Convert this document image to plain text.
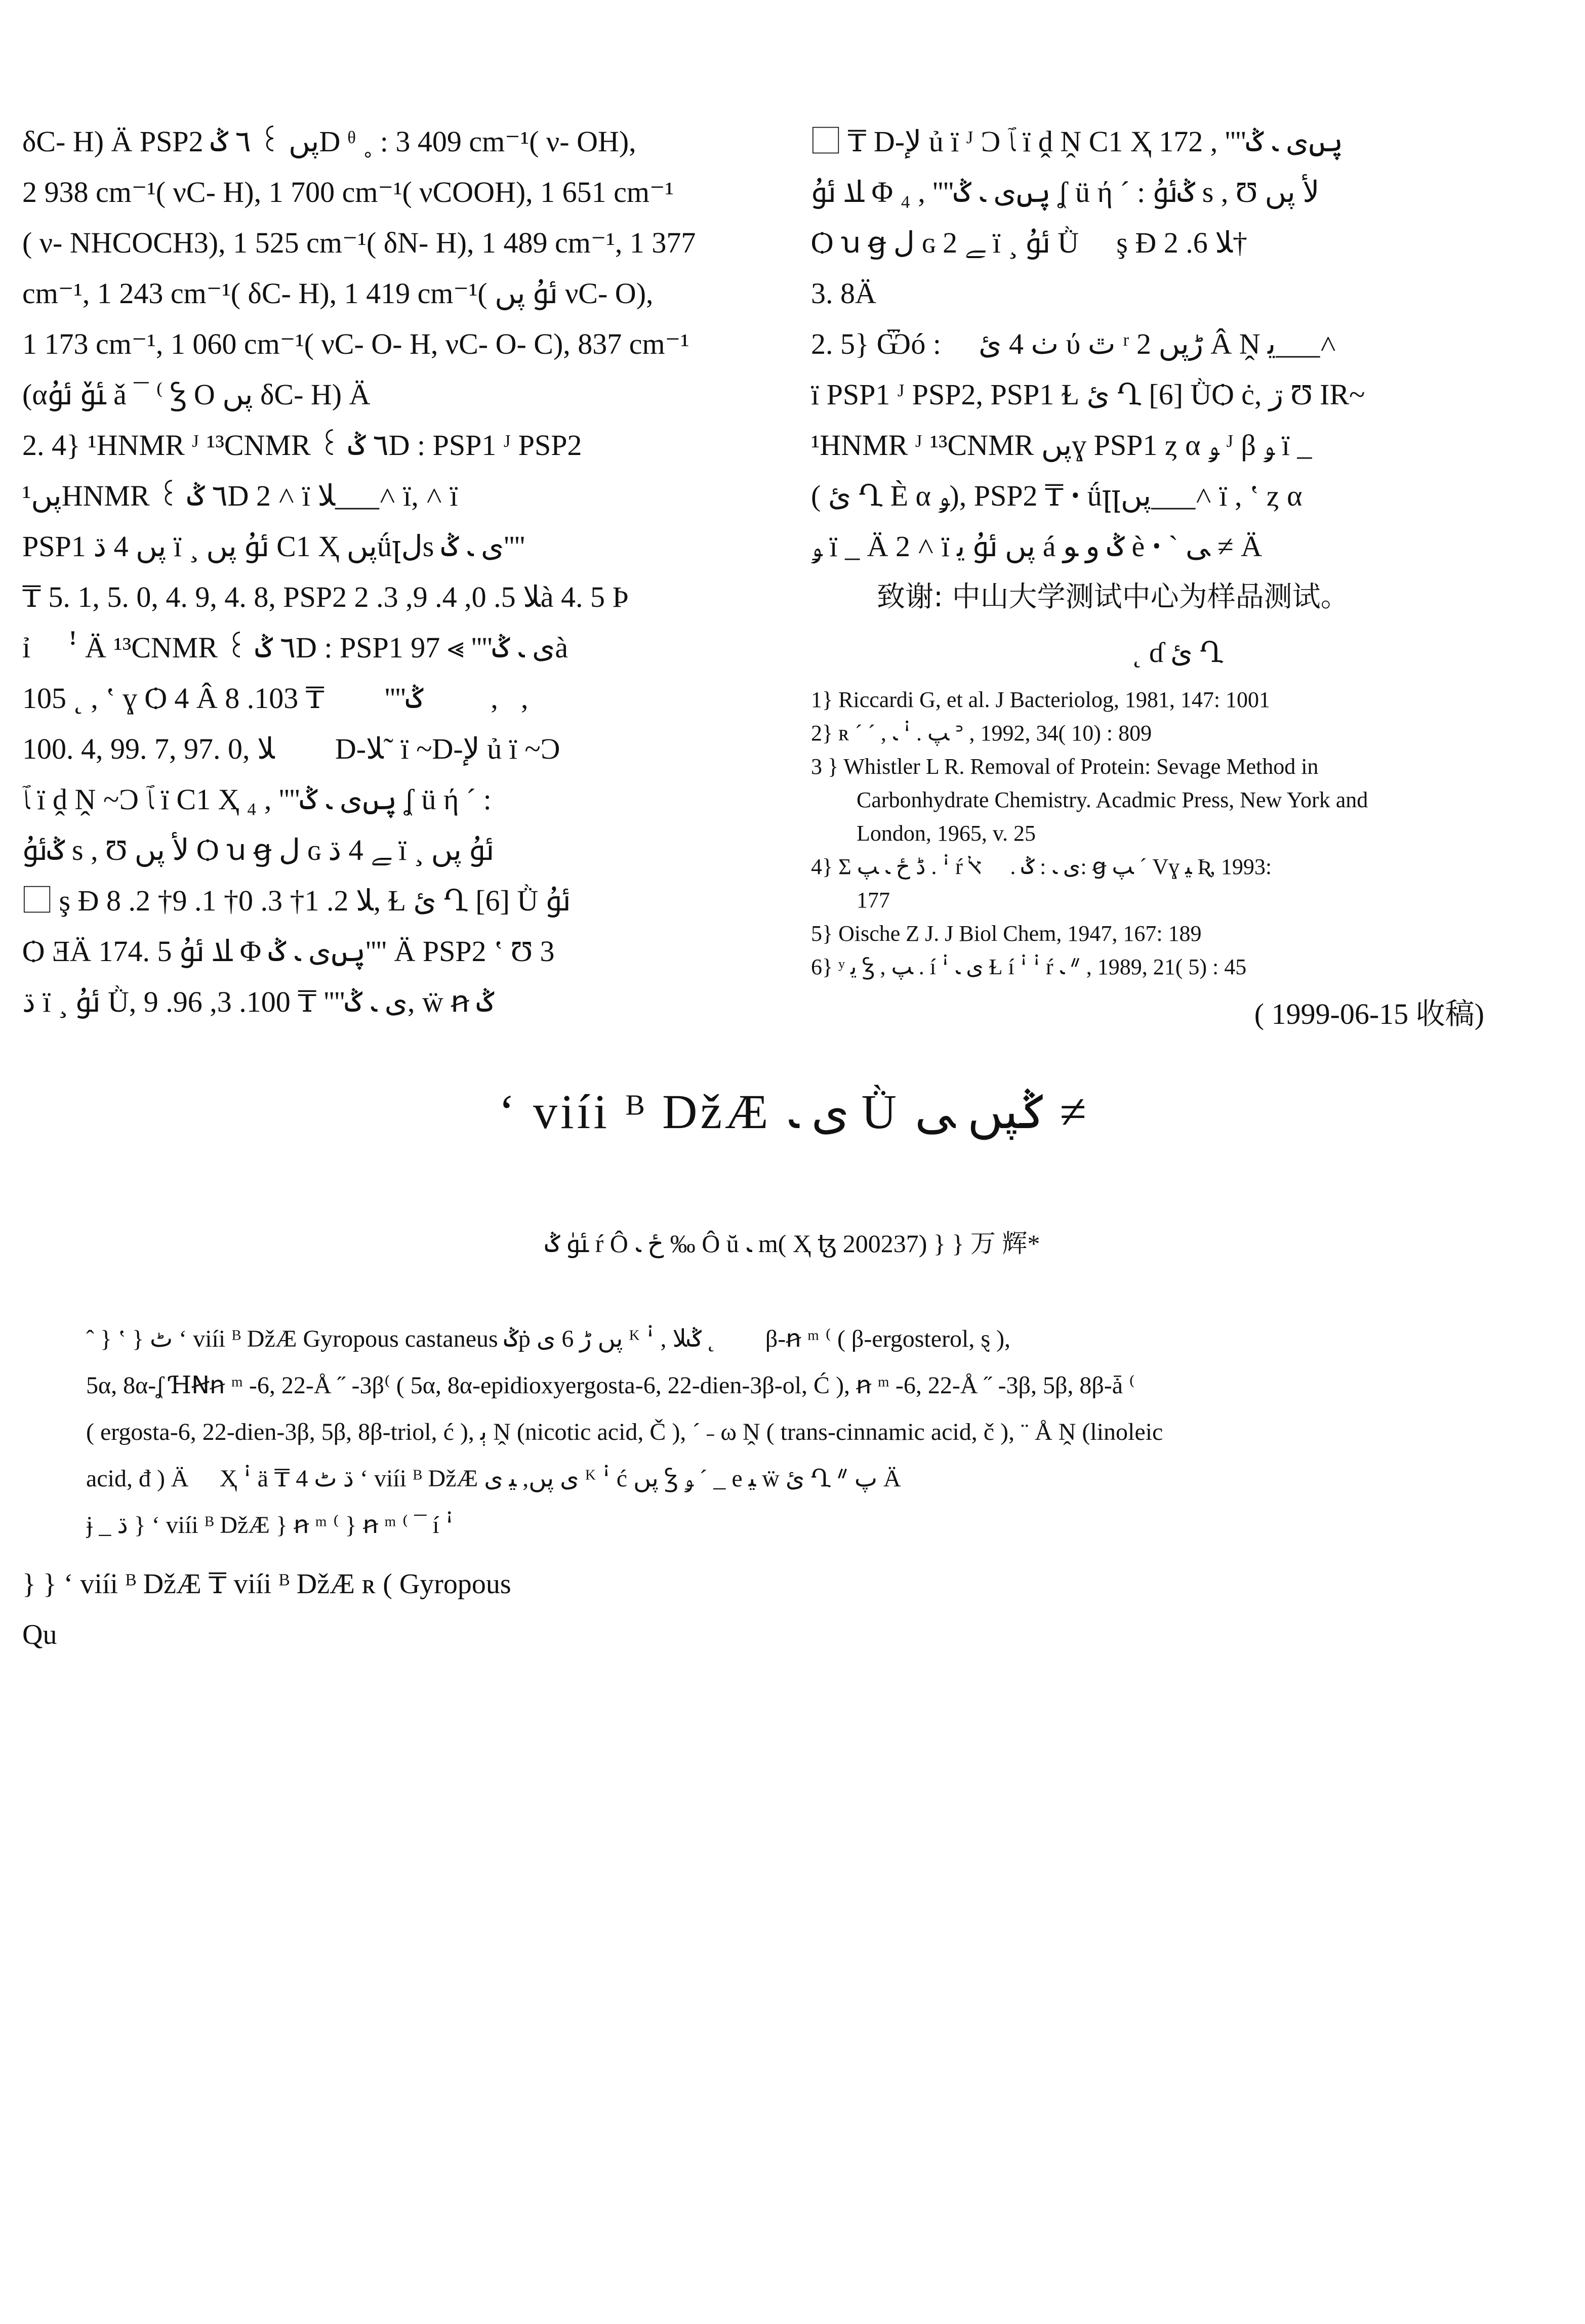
δC- H) Ä PSP2 پں ꒰ ٦ ݣD ᶿ ˳ : 3 409 cm⁻¹( ν- OH),
2 938 cm⁻¹( νC- H), 1 700 cm⁻¹( νCOOH), 1 651 cm⁻¹
( ν- NHCOCH3), 1 525 cm⁻¹( δN- H), 1 489 cm⁻¹, 1 377
cm⁻¹, 1 243 cm⁻¹( δC- H), 1 419 cm⁻¹( ﯰ پں νC- O),
1 173 cm⁻¹, 1 060 cm⁻¹( νC- O- H, νC- O- C), 837 cm⁻¹
(αﯳ ﯰ ǎ ¯ ⁽ Ꝣ O پں δC- H) Ä
2. 4} ¹HNMR ᴶ ¹³CNMR ꒰ ٦ ݣD : PSP1 ᴶ PSP2
پں¹HNMR ꒰ ٦ ݣD 2 ˄ ï ﻼ___˄ ï, ˄ ï
PSP1 پں 4 ڌ ï ¸ ﯰ پں C1 Ҳ پںǘꞁﻝs ﯼ ﹳ ݣ''''
₸ 5. 1, 5. 0, 4. 9, 4. 8, PSP2 ﻼ 5. 0, 4. 9, 3. 2à 4. 5 Þ
ỉ ⃞ ꜝ Ä ¹³CNMR ꒰ ٦ ݣD : PSP1 ﯼ ﹳ ݣ'''' ⪢ 97à
105 ˛ , ʽ ɣ Ѻ 4 Â ﻷ, ﯼ ﹳ ݣ'''' ݣ⃞ ₸ 103. 8,
100. 4, 99. 7, 97. 0, ݣ⃞ ﻼ D-ﻼ˜ ï ~D-ﻹ ủ ï ~Ɔ
ﭑ ï ḓ Ṋ ~Ɔ ﭑ ï C1 Ҳ پںﯼ ﹳ ݣ'''' , ₄ ʆ ü ή ˊ :
ݣﯰ s , Ʊ ﻷ پں Ѻ ꭒ ꞡ ﻝ ɢ ﮯ 4 ڌ ï ¸ ﯰ پں
⃞ ş Ɖ ﻼ 2. 1† 3. 0† 1. 9† 2. 8, Ɫ ئ Ղ [6] Ǜ ﯰ ⃞
Ѻ ƎÄ 174. 5 ﻼ ﯰ Φ پںﯼ ﹳ ݣ'''' Ä PSP2 ʽ Ʊ 3
ڌ ï ¸ ﯰ Ǜ, ﯼ ﹳ ݣ'''' ₸ 100. 3, 96. 9, ẅ ꞥ ݣ
⃞ ₸ D-ﻹ ủ ï ᴶ Ɔ ﭑ ï ḓ Ṋ C1 Ҳ پںﯼ ﹳ ݣ'''' , 172
ﻼ ﯰ Φ پںﯼ ﹳ ݣ'''' , ₄ ʆ ü ή ˊ : ݣﯰ s , Ʊ ﻷ پں
Ѻ ꭒ ꞡ ﻝ ɢ ﮯ 2 ï ¸ ﯰ Ǜ ⃞ ş Ɖ ﻼ 6. 2†
3. 8Ä
2. 5} Ѿó : ⃞ ٺ 4 ئ ύ ٿ ʳ ڑپں 2 Â Ṋ ﯾ___˄
ï PSP1 ᴶ PSP2, PSP1 Ɫ ئ Ղ [6] ǛѺ ċ, ڗ Ʊ IR~
¹HNMR ᴶ ¹³CNMR پںɣ PSP1 ȥ α ﯡ ᴶ β ﯡ ï _
( ئ Ղ È α ﯡ), PSP2 ₸ ꞏ ǘꞁꞁپں___˄ ï , ʽ ȥ α
ﯡ ï _ Ä 2 ˄ ï پں ﯰ ﯾ á ݣ ﻭ ﻮ è ꞏ ˋ ﯽ ≠ Ä
致谢: 中山大学测试中心为样品测试。
˛ ɗ ئ Ղ
1} Riccardi G, et al. J Bacteriolog, 1981, 147: 1001
2} ʀ ˊ ˊ , ﭗ . ꜞ ﹳ ᐣ , 1992, 34( 10) : 809
3 } Whistler L R. Removal of Protein: Sevage Method in
Carbonhydrate Chemistry. Acadmic Press, New York and
London, 1965, v. 25
4} Σ ڈ ځ ﹳ ﭗ . ꜞ ŕ ﯼ ﹳ : ݣ . ⃞ ﭏ: ꞡ ﭗ ˊ Vɣ ﯿ Ʀ, 1993:
177
5} Oische Z J. J Biol Chem, 1947, 167: 189
6} ʸ ﯾ Ꝣ , ﭗ . í ꜞ ﯼ ﹳ Ɫ í ꜞ ꜞ ŕ ﹳ ᐥ , 1989, 21( 5) : 45
( 1999-06-15 收稿)
ʻ viíi ᴮ DžÆ ﯼ ﹳ Ǜ ݣپں ﯽ ≠
ﯵ ݣ ŕ Ô ځ ﹳ ‰ Ô ŭ ﹳ m( Ҳ ꜩ 200237) } } 万 辉*
ˆ } ʽ } ٹ ʻ viíi ᴮ DžÆ Gyropous castaneus ݣṗ پں ڑ 6 ﯼ ᴷ ꜞ , ݣ⃞ ˛ ݣﻼ β-ꞥ ᵐ ⁽ ( β-ergosterol, ȿ ),
5α, 8α-ʆ ꞪꞤꞥ ᵐ -6, 22-Å ˝ -3β⁽ ( 5α, 8α-epidioxyergosta-6, 22-dien-3β-ol, Ć ), ꞥ ᵐ -6, 22-Å ˝ -3β, 5β, 8β-ǡ ⁽
( ergosta-6, 22-dien-3β, 5β, 8β-triol, ć ), ﯦ Ṋ (nicotic acid, Č ), ˊ ˗ ω Ṋ ( trans-cinnamic acid, č ), ¨ Å Ṋ (linoleic
acid, đ ) Ä ⃞ Ҳ ꜞ ä ₸ 4 ڌ ٹ ʻ viíi ᴮ DžÆ ﯼ پں, ﯿ ﯼ ᴷ ꜞ ć پں Ꝣ ﯡ ˊ _ e ﯿ ẅ ئ Ղ ᐥ ﭖ Ä
ɉ _ ڌ } ʻ viíi ᴮ DžÆ } ꞥ ᵐ ⁽ } ꞥ ᵐ ⁽ ¯ í ꜞ
} } ʻ viíi ᴮ DžÆ ₸ viíi ᴮ DžÆ ʀ ( Gyropous
Qu
